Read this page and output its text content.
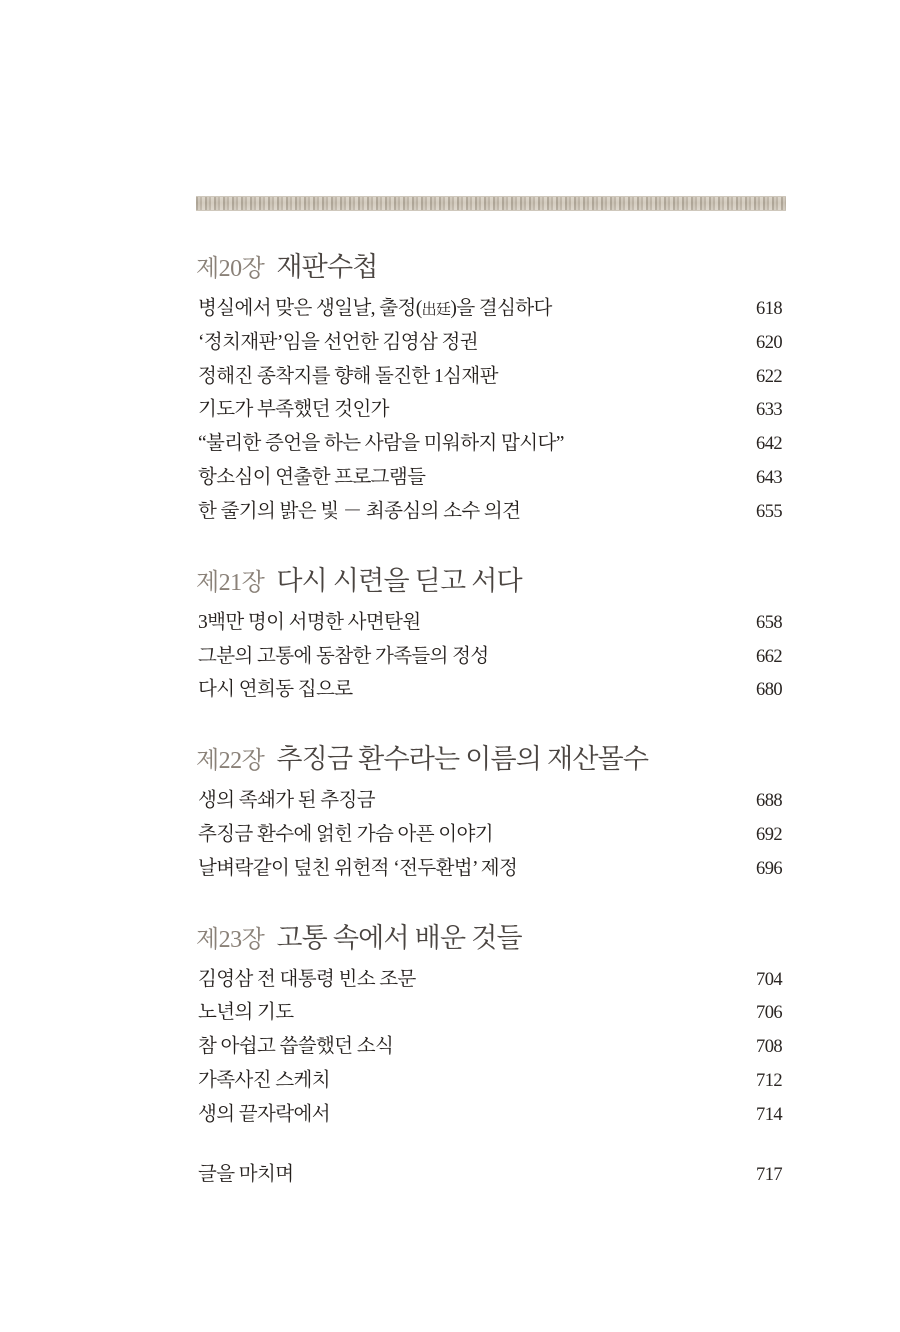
제20장 재판수첩
병실에서 맞은 생일날, 출정(出廷)을 결심하다	618
‘정치재판’임을 선언한 김영삼 정권	620
정해진 종착지를 향해 돌진한 1심재판	622
기도가 부족했던 것인가	633
“불리한 증언을 하는 사람을 미워하지 맙시다”	642
항소심이 연출한 프로그램들	643
한 줄기의 밝은 빛 － 최종심의 소수 의견	655
제21장 다시 시련을 딛고 서다
3백만 명이 서명한 사면탄원	658
그분의 고통에 동참한 가족들의 정성	662
다시 연희동 집으로	680
제22장 추징금 환수라는 이름의 재산몰수
생의 족쇄가 된 추징금	688
추징금 환수에 얽힌 가슴 아픈 이야기	692
날벼락같이 덮친 위헌적 ‘전두환법’ 제정	696
제23장 고통 속에서 배운 것들
김영삼 전 대통령 빈소 조문	704
노년의 기도	706
참 아쉽고 씁쓸했던 소식	708
가족사진 스케치	712
생의 끝자락에서	714
글을 마치며	717
